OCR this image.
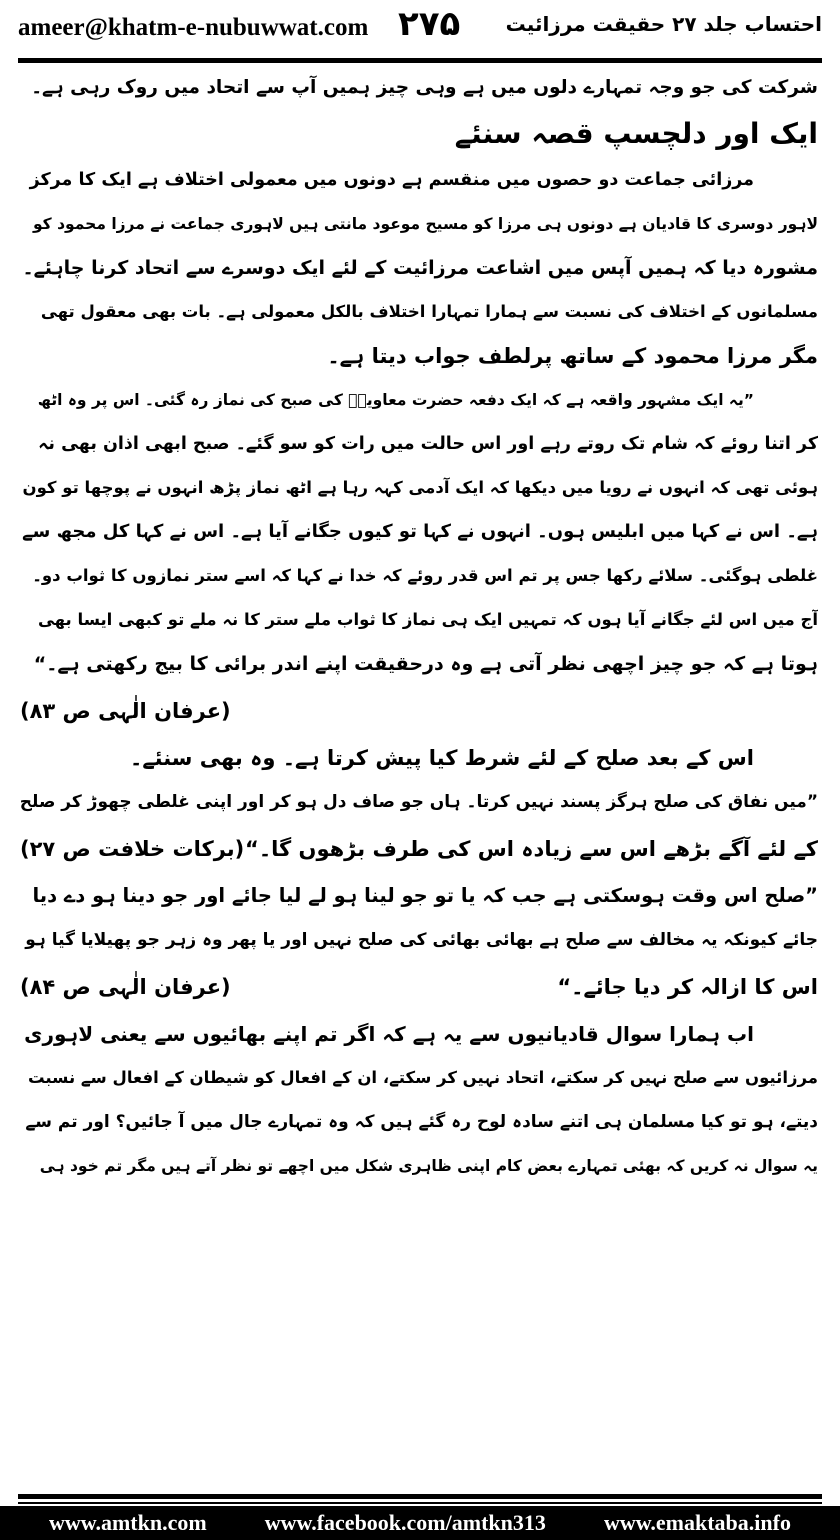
ameer@khatm-e-nubuwwat.com ۲۷۵ احتساب جلد ۲۷ حقیقت مرزائیت
شرکت کی جو وجہ تمہارے دلوں میں ہے وہی چیز ہمیں آپ سے اتحاد میں روک رہی ہے۔
ایک اور دلچسپ قصہ سنئے
مرزائی جماعت دو حصوں میں منقسم ہے دونوں میں معمولی اختلاف ہے ایک کا مرکز
لاہور دوسری کا قادیان ہے دونوں ہی مرزا کو مسیح موعود مانتی ہیں لاہوری جماعت نے مرزا محمود کو
مشورہ دیا کہ ہمیں آپس میں اشاعت مرزائیت کے لئے ایک دوسرے سے اتحاد کرنا چاہئے۔
مسلمانوں کے اختلاف کی نسبت سے ہمارا تمہارا اختلاف بالکل معمولی ہے۔ بات بھی معقول تھی
مگر مرزا محمود کے ساتھ پرلطف جواب دیتا ہے۔
”یہ ایک مشہور واقعہ ہے کہ ایک دفعہ حضرت معاویہؓ کی صبح کی نماز رہ گئی۔ اس پر وہ اٹھ
کر اتنا روئے کہ شام تک روتے رہے اور اس حالت میں رات کو سو گئے۔ صبح ابھی اذان بھی نہ
ہوئی تھی کہ انہوں نے رویا میں دیکھا کہ ایک آدمی کہہ رہا ہے اٹھ نماز پڑھ انہوں نے پوچھا تو کون
ہے۔ اس نے کہا میں ابلیس ہوں۔ انہوں نے کہا تو کیوں جگانے آیا ہے۔ اس نے کہا کل مجھ سے
غلطی ہوگئی۔ سلائے رکھا جس پر تم اس قدر روئے کہ خدا نے کہا کہ اسے ستر نمازوں کا ثواب دو۔
آج میں اس لئے جگانے آیا ہوں کہ تمہیں ایک ہی نماز کا ثواب ملے ستر کا نہ ملے تو کبھی ایسا بھی
ہوتا ہے کہ جو چیز اچھی نظر آتی ہے وہ درحقیقت اپنے اندر برائی کا بیج رکھتی ہے۔“
(عرفان الٰہی ص ۸۳)
اس کے بعد صلح کے لئے شرط کیا پیش کرتا ہے۔ وہ بھی سنئے۔
”میں نفاق کی صلح ہرگز پسند نہیں کرتا۔ ہاں جو صاف دل ہو کر اور اپنی غلطی چھوڑ کر صلح
کے لئے آگے بڑھے اس سے زیادہ اس کی طرف بڑھوں گا۔“
(برکات خلافت ص ۲۷)
”صلح اس وقت ہوسکتی ہے جب کہ یا تو جو لینا ہو لے لیا جائے اور جو دینا ہو دے دیا
جائے کیونکہ یہ مخالف سے صلح ہے بھائی بھائی کی صلح نہیں اور یا پھر وہ زہر جو پھیلایا گیا ہو
اس کا ازالہ کر دیا جائے۔“
(عرفان الٰہی ص ۸۴)
اب ہمارا سوال قادیانیوں سے یہ ہے کہ اگر تم اپنے بھائیوں سے یعنی لاہوری
مرزائیوں سے صلح نہیں کر سکتے، اتحاد نہیں کر سکتے، ان کے افعال کو شیطان کے افعال سے نسبت
دیتے، ہو تو کیا مسلمان ہی اتنے سادہ لوح رہ گئے ہیں کہ وہ تمہارے جال میں آ جائیں؟ اور تم سے
یہ سوال نہ کریں کہ بھئی تمہارے بعض کام اپنی ظاہری شکل میں اچھے تو نظر آتے ہیں مگر تم خود ہی
www.amtkn.com	www.facebook.com/amtkn313	www.emaktaba.info
